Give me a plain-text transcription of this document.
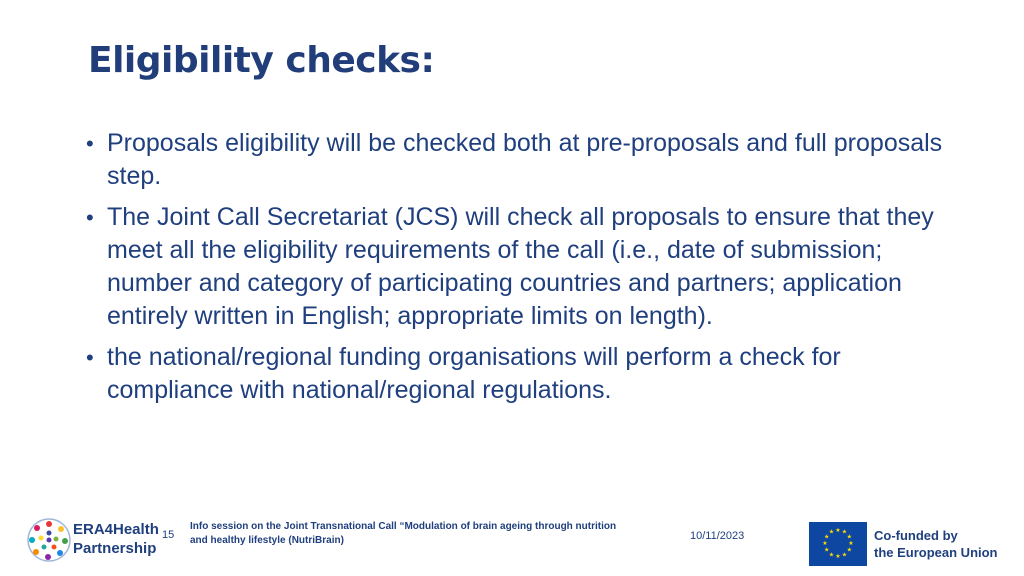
Eligibility checks:
• Proposals eligibility will be checked both at pre-proposals and full proposals step.
• The Joint Call Secretariat (JCS) will check all proposals to ensure that they meet all the eligibility requirements of the call (i.e., date of submission; number and category of participating countries and partners; application entirely written in English; appropriate limits on length).
• the national/regional funding organisations will perform a check for compliance with national/regional regulations.
ERA4Health
Partnership
15
Info session on the Joint Transnational Call “Modulation of brain ageing through nutrition and healthy lifestyle (NutriBrain)	10/11/2023	★ ★
★
★
★
★
★
★
★
★
★
★	Co-funded by
the European Union
